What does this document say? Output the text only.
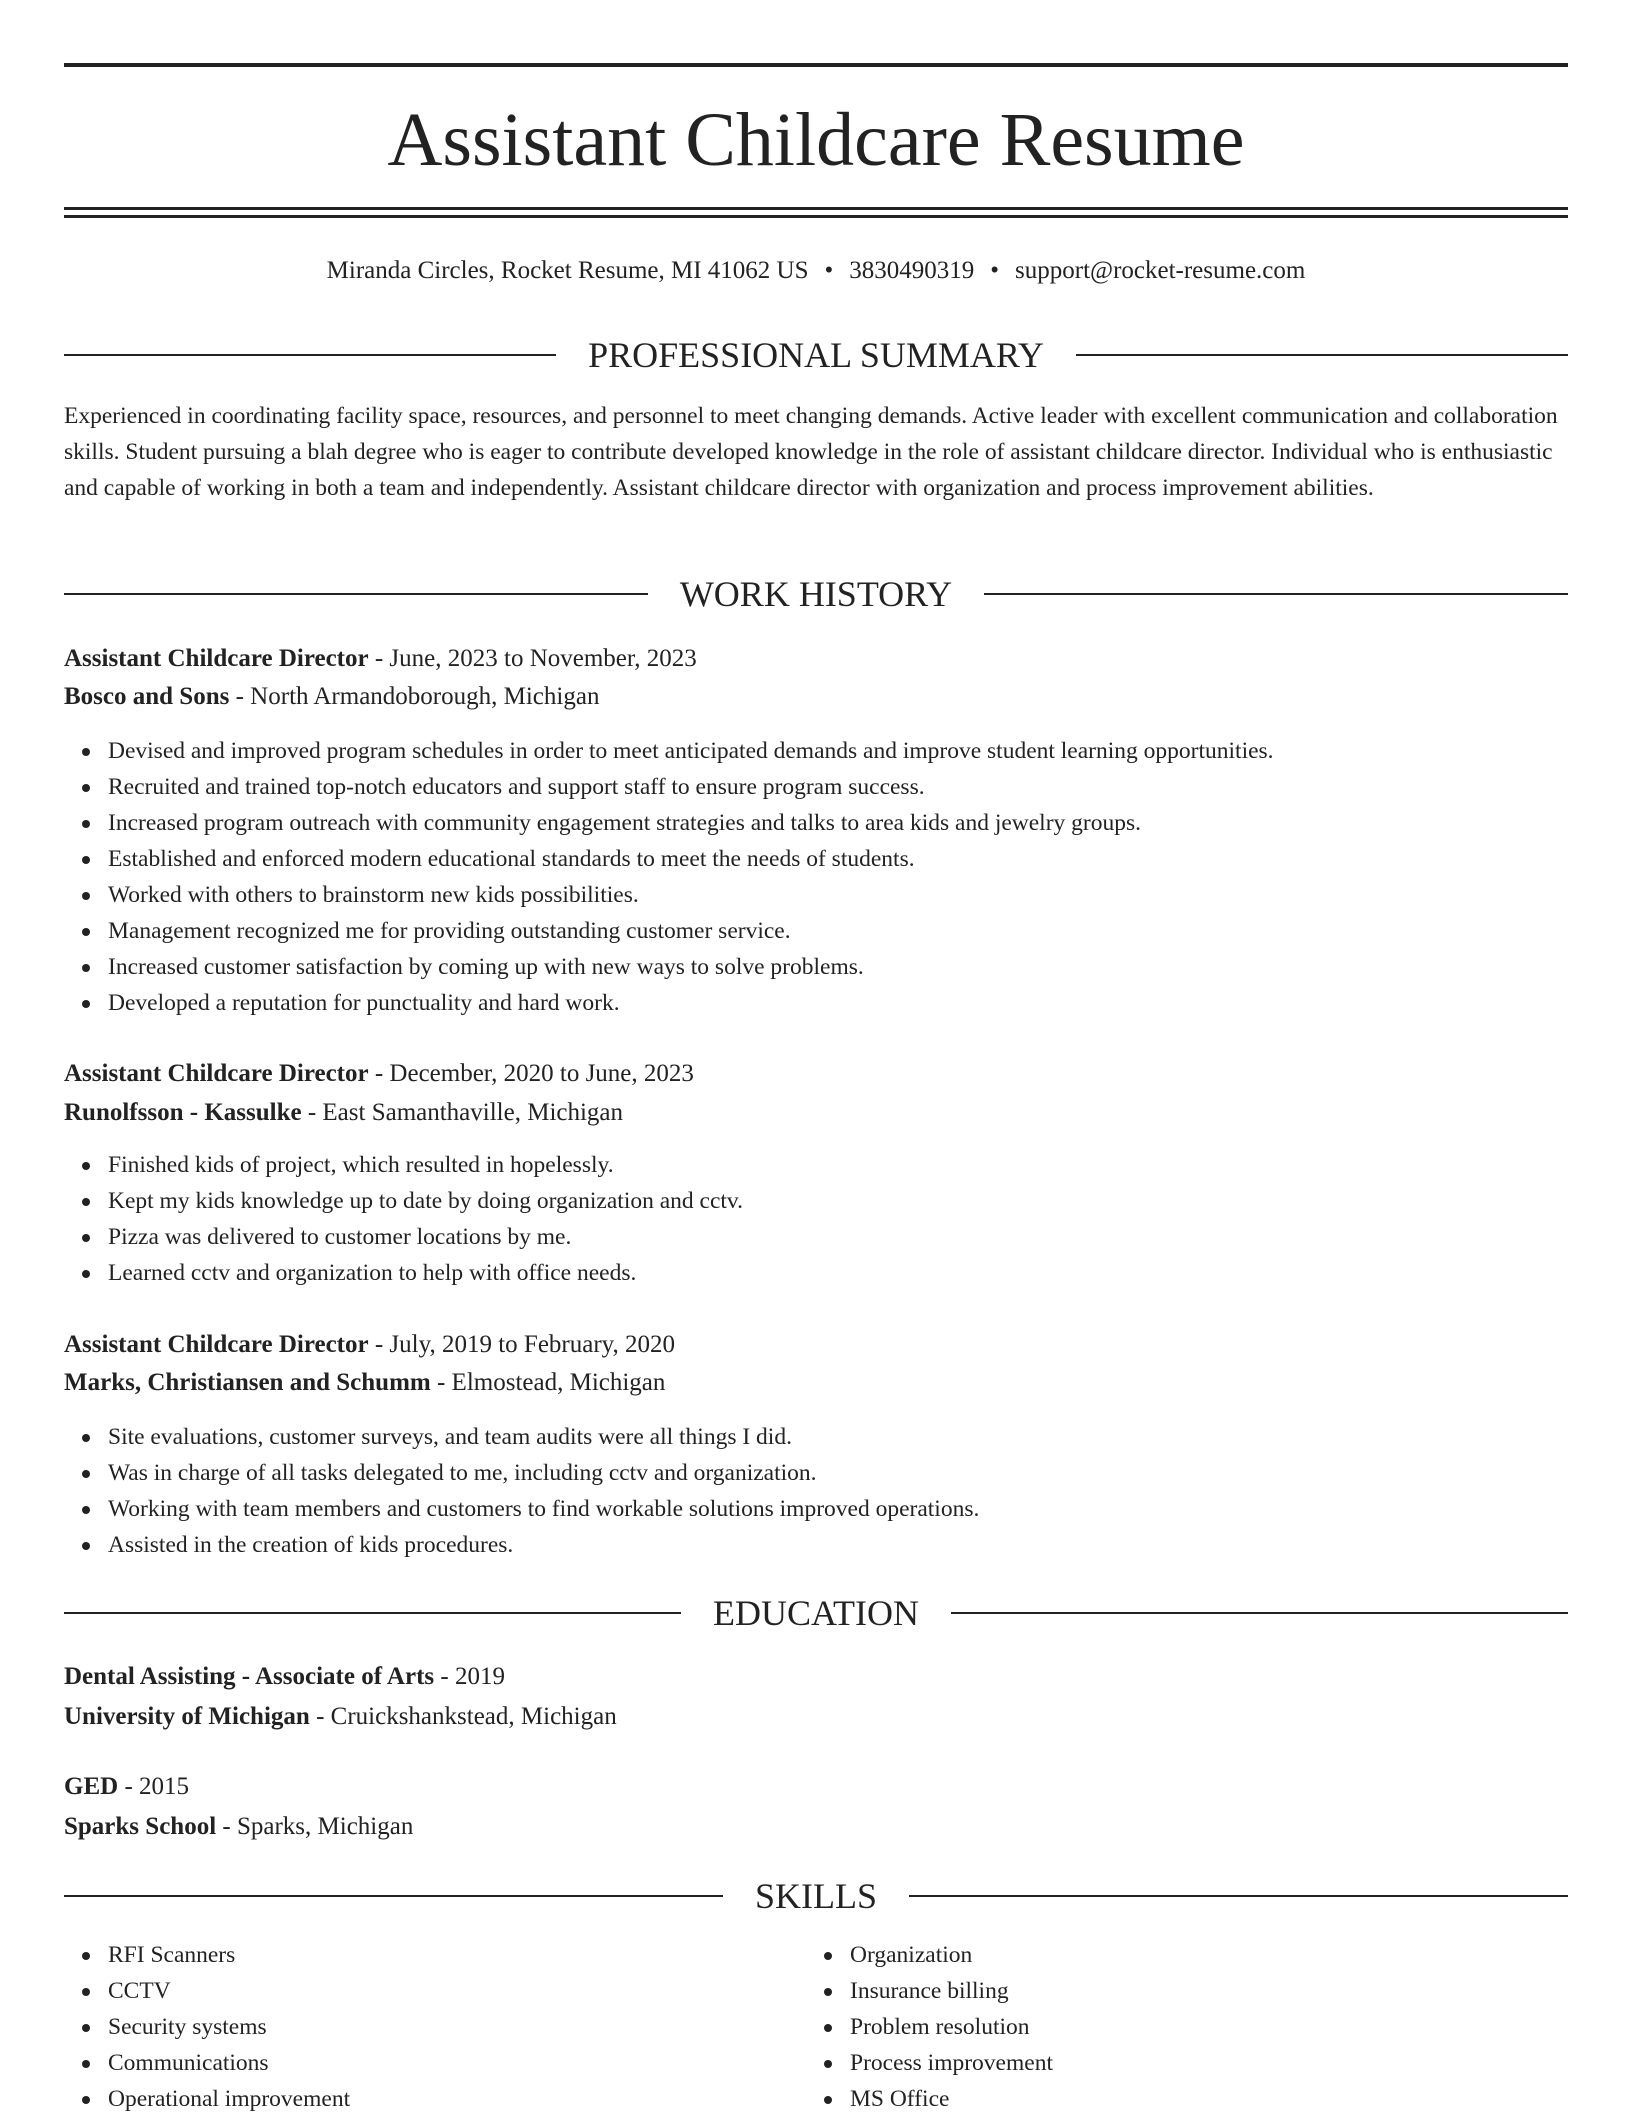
Assistant Childcare Resume
Miranda Circles, Rocket Resume, MI 41062 US • 3830490319 • support@rocket-resume.com
PROFESSIONAL SUMMARY

Experienced in coordinating facility space, resources, and personnel to meet changing demands. Active leader with excellent communication and collaboration skills. Student pursuing a blah degree who is eager to contribute developed knowledge in the role of assistant childcare director. Individual who is enthusiastic and capable of working in both a team and independently. Assistant childcare director with organization and process improvement abilities.

WORK HISTORY
Assistant Childcare Director - June, 2023 to November, 2023
Bosco and Sons - North Armandoborough, Michigan
Devised and improved program schedules in order to meet anticipated demands and improve student learning opportunities.
Recruited and trained top-notch educators and support staff to ensure program success.
Increased program outreach with community engagement strategies and talks to area kids and jewelry groups.
Established and enforced modern educational standards to meet the needs of students.
Worked with others to brainstorm new kids possibilities.
Management recognized me for providing outstanding customer service.
Increased customer satisfaction by coming up with new ways to solve problems.
Developed a reputation for punctuality and hard work.
Assistant Childcare Director - December, 2020 to June, 2023
Runolfsson - Kassulke - East Samanthaville, Michigan
Finished kids of project, which resulted in hopelessly.
Kept my kids knowledge up to date by doing organization and cctv.
Pizza was delivered to customer locations by me.
Learned cctv and organization to help with office needs.
Assistant Childcare Director - July, 2019 to February, 2020
Marks, Christiansen and Schumm - Elmostead, Michigan
Site evaluations, customer surveys, and team audits were all things I did.
Was in charge of all tasks delegated to me, including cctv and organization.
Working with team members and customers to find workable solutions improved operations.
Assisted in the creation of kids procedures.
EDUCATION
Dental Assisting - Associate of Arts - 2019
University of Michigan - Cruickshankstead, Michigan
GED - 2015
Sparks School - Sparks, Michigan
SKILLS
RFI Scanners
CCTV
Security systems
Communications
Operational improvement
Organization
Insurance billing
Problem resolution
Process improvement
MS Office
